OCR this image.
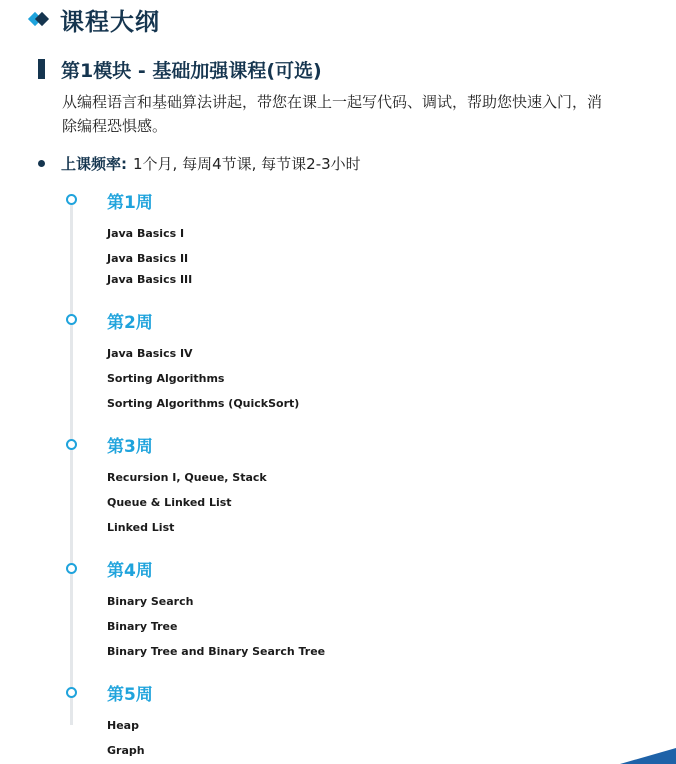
课程大纲
第1模块 - 基础加强课程(可选)
从编程语言和基础算法讲起，带您在课上一起写代码、调试，帮助您快速入门，消除编程恐惧感。
上课频率: 1个月, 每周4节课, 每节课2-3小时
第1周
Java Basics I
Java Basics II
Java Basics III
第2周
Java Basics IV
Sorting Algorithms
Sorting Algorithms (QuickSort)
第3周
Recursion I, Queue, Stack
Queue & Linked List
Linked List
第4周
Binary Search
Binary Tree
Binary Tree and Binary Search Tree
第5周
Heap
Graph
